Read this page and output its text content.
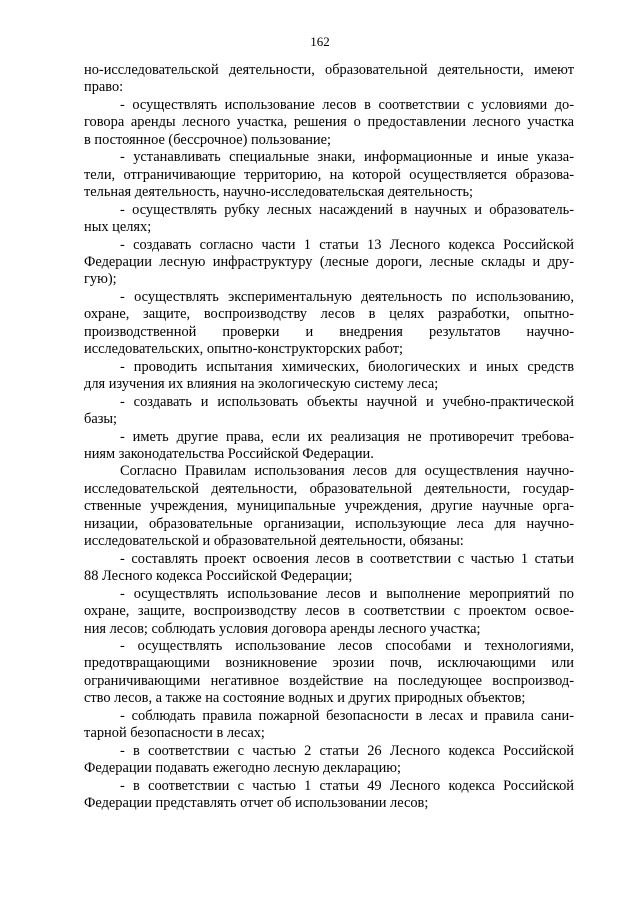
162
но-исследовательской деятельности, образовательной деятельности, имеют
право:
- осуществлять использование лесов в соответствии с условиями до-
говора аренды лесного участка, решения о предоставлении лесного участка
в постоянное (бессрочное) пользование;
- устанавливать специальные знаки, информационные и иные указа-
тели, отграничивающие территорию, на которой осуществляется образова-
тельная деятельность, научно-исследовательская деятельность;
- осуществлять рубку лесных насаждений в научных и образователь-
ных целях;
- создавать согласно части 1 статьи 13 Лесного кодекса Российской
Федерации лесную инфраструктуру (лесные дороги, лесные склады и дру-
гую);
- осуществлять экспериментальную деятельность по использованию,
охране, защите, воспроизводству лесов в целях разработки, опытно-
производственной проверки и внедрения результатов научно-
исследовательских, опытно-конструкторских работ;
- проводить испытания химических, биологических и иных средств
для изучения их влияния на экологическую систему леса;
- создавать и использовать объекты научной и учебно-практической
базы;
- иметь другие права, если их реализация не противоречит требова-
ниям законодательства Российской Федерации.
Согласно Правилам использования лесов для осуществления научно-
исследовательской деятельности, образовательной деятельности, государ-
ственные учреждения, муниципальные учреждения, другие научные орга-
низации, образовательные организации, использующие леса для научно-
исследовательской и образовательной деятельности, обязаны:
- составлять проект освоения лесов в соответствии с частью 1 статьи
88 Лесного кодекса Российской Федерации;
- осуществлять использование лесов и выполнение мероприятий по
охране, защите, воспроизводству лесов в соответствии с проектом освое-
ния лесов; соблюдать условия договора аренды лесного участка;
- осуществлять использование лесов способами и технологиями,
предотвращающими возникновение эрозии почв, исключающими или
ограничивающими негативное воздействие на последующее воспроизвод-
ство лесов, а также на состояние водных и других природных объектов;
- соблюдать правила пожарной безопасности в лесах и правила сани-
тарной безопасности в лесах;
- в соответствии с частью 2 статьи 26 Лесного кодекса Российской
Федерации подавать ежегодно лесную декларацию;
- в соответствии с частью 1 статьи 49 Лесного кодекса Российской
Федерации представлять отчет об использовании лесов;
